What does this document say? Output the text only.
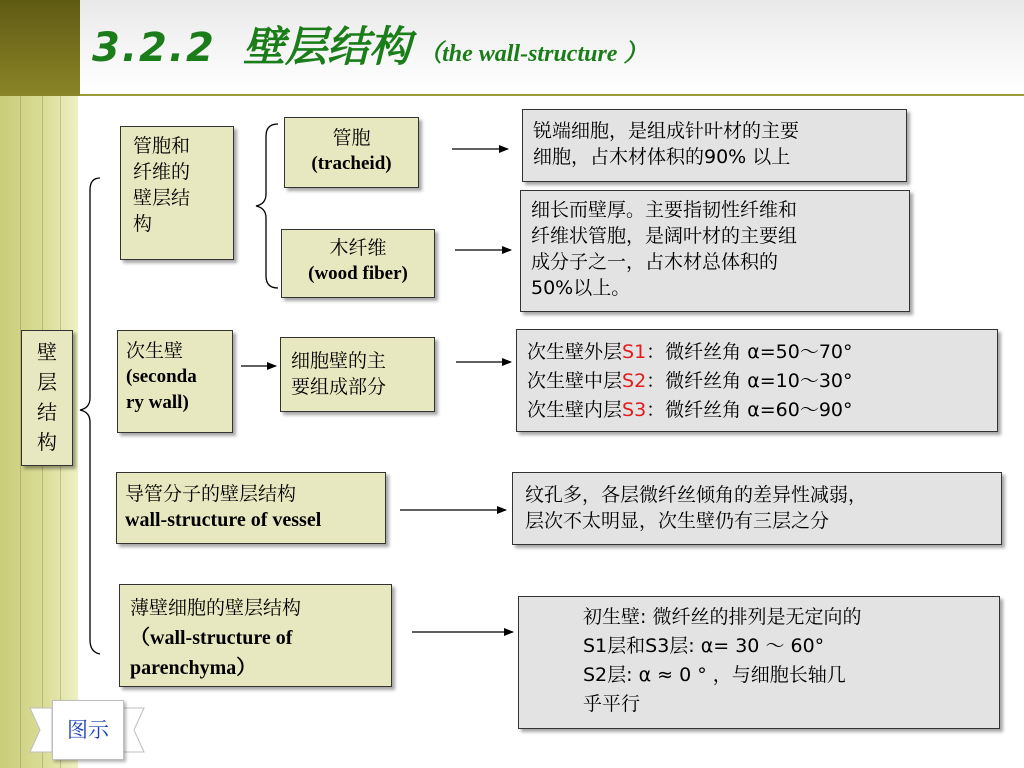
3.2.2 壁层结构 （the wall-structure ）
壁
层
结
构
管胞和
纤维的
壁层结
构
管胞
(tracheid)
锐端细胞，是组成针叶材的主要
细胞，占木材体积的90% 以上
木纤维
(wood fiber)
细长而壁厚。主要指韧性纤维和
纤维状管胞，是阔叶材的主要组
成分子之一，占木材总体积的
50%以上。
次生壁
(seconda
ry wall)
细胞壁的主
要组成部分
次生壁外层S1：微纤丝角 α=50～70°
次生壁中层S2：微纤丝角 α=10～30°
次生壁内层S3：微纤丝角 α=60～90°
导管分子的壁层结构
wall-structure of vessel
纹孔多，各层微纤丝倾角的差异性减弱，
层次不太明显，次生壁仍有三层之分
薄壁细胞的壁层结构
（wall-structure of
parenchyma）
初生壁: 微纤丝的排列是无定向的
S1层和S3层: α= 30 ～ 60°
S2层: α ≈ 0 ° ，与细胞长轴几
乎平行
图示
